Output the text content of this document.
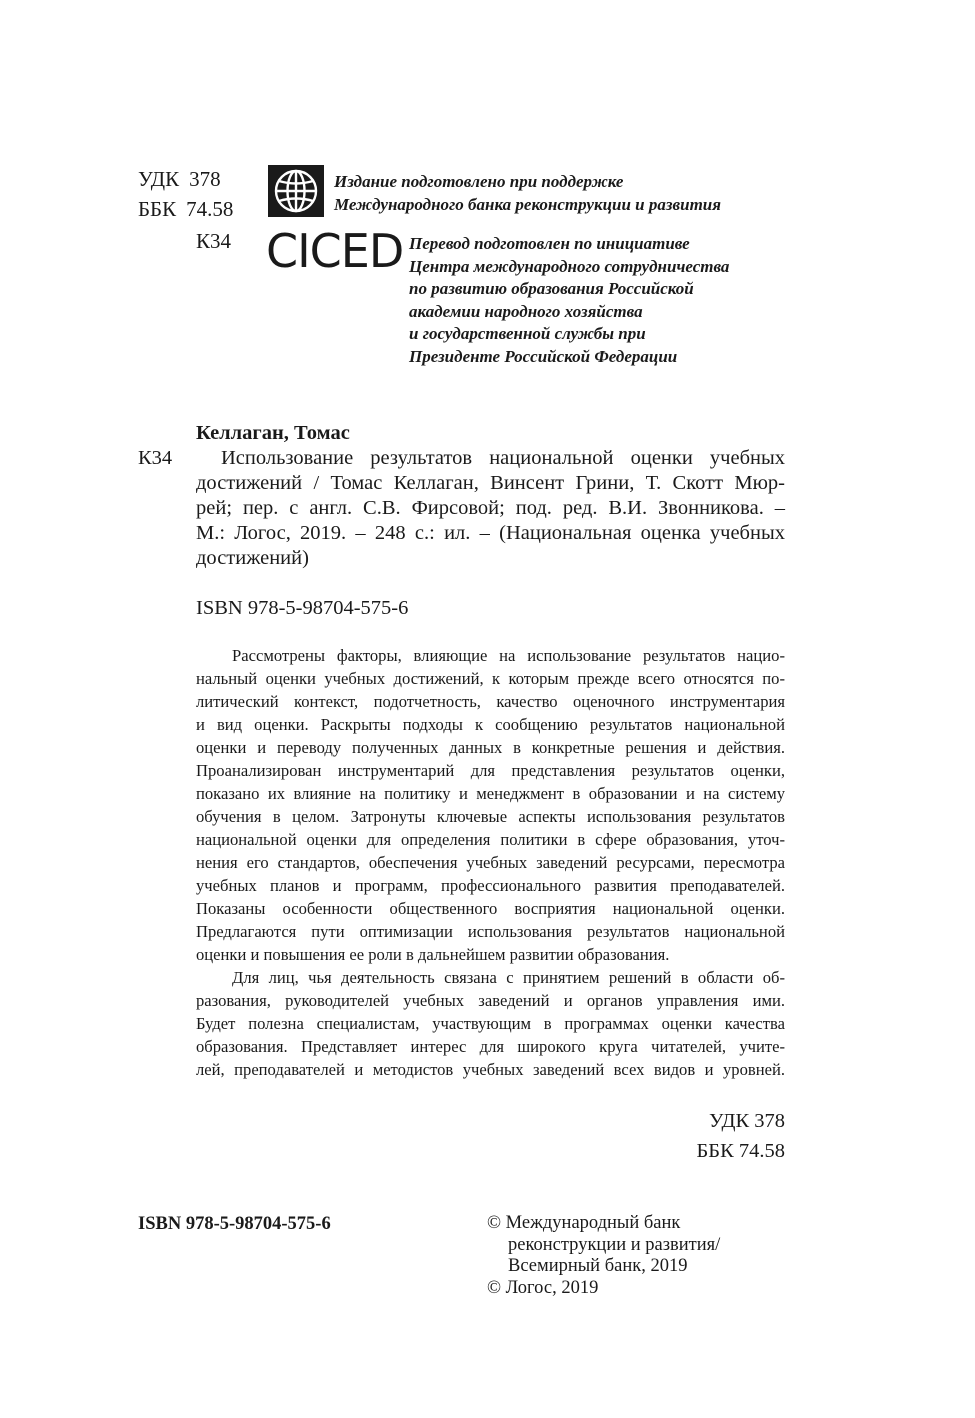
УДК 378
ББК 74.58
К34
Издание подготовлено при поддержке
Международного банка реконструкции и развития
CICED Перевод подготовлен по инициативе
Центра международного сотрудничества
по развитию образования Российской
академии народного хозяйства
и государственной службы при
Президенте Российской Федерации
Келлаган, Томас
К34 Использование результатов национальной оценки учебных
достижений / Томас Келлаган, Винсент Грини, Т. Скотт Мюр-
рей; пер. с англ. С.В. Фирсовой; под. ред. В.И. Звонникова. –
М.: Логос, 2019. – 248 с.: ил. – (Национальная оценка учебных
достижений)
ISBN 978-5-98704-575-6
Рассмотрены факторы, влияющие на использование результатов нацио-
нальный оценки учебных достижений, к которым прежде всего относятся по-
литический контекст, подотчетность, качество оценочного инструментария
и вид оценки. Раскрыты подходы к сообщению результатов национальной
оценки и переводу полученных данных в конкретные решения и действия.
Проанализирован инструментарий для представления результатов оценки,
показано их влияние на политику и менеджмент в образовании и на систему
обучения в целом. Затронуты ключевые аспекты использования результатов
национальной оценки для определения политики в сфере образования, уточ-
нения его стандартов, обеспечения учебных заведений ресурсами, пересмотра
учебных планов и программ, профессионального развития преподавателей.
Показаны особенности общественного восприятия национальной оценки.
Предлагаются пути оптимизации использования результатов национальной
оценки и повышения ее роли в дальнейшем развитии образования.
Для лиц, чья деятельность связана с принятием решений в области об-
разования, руководителей учебных заведений и органов управления ими.
Будет полезна специалистам, участвующим в программах оценки качества
образования. Представляет интерес для широкого круга читателей, учите-
лей, преподавателей и методистов учебных заведений всех видов и уровней.
УДК 378
ББК 74.58
ISBN 978-5-98704-575-6	© Международный банк
реконструкции и развития/
Всемирный банк, 2019
© Логос, 2019
